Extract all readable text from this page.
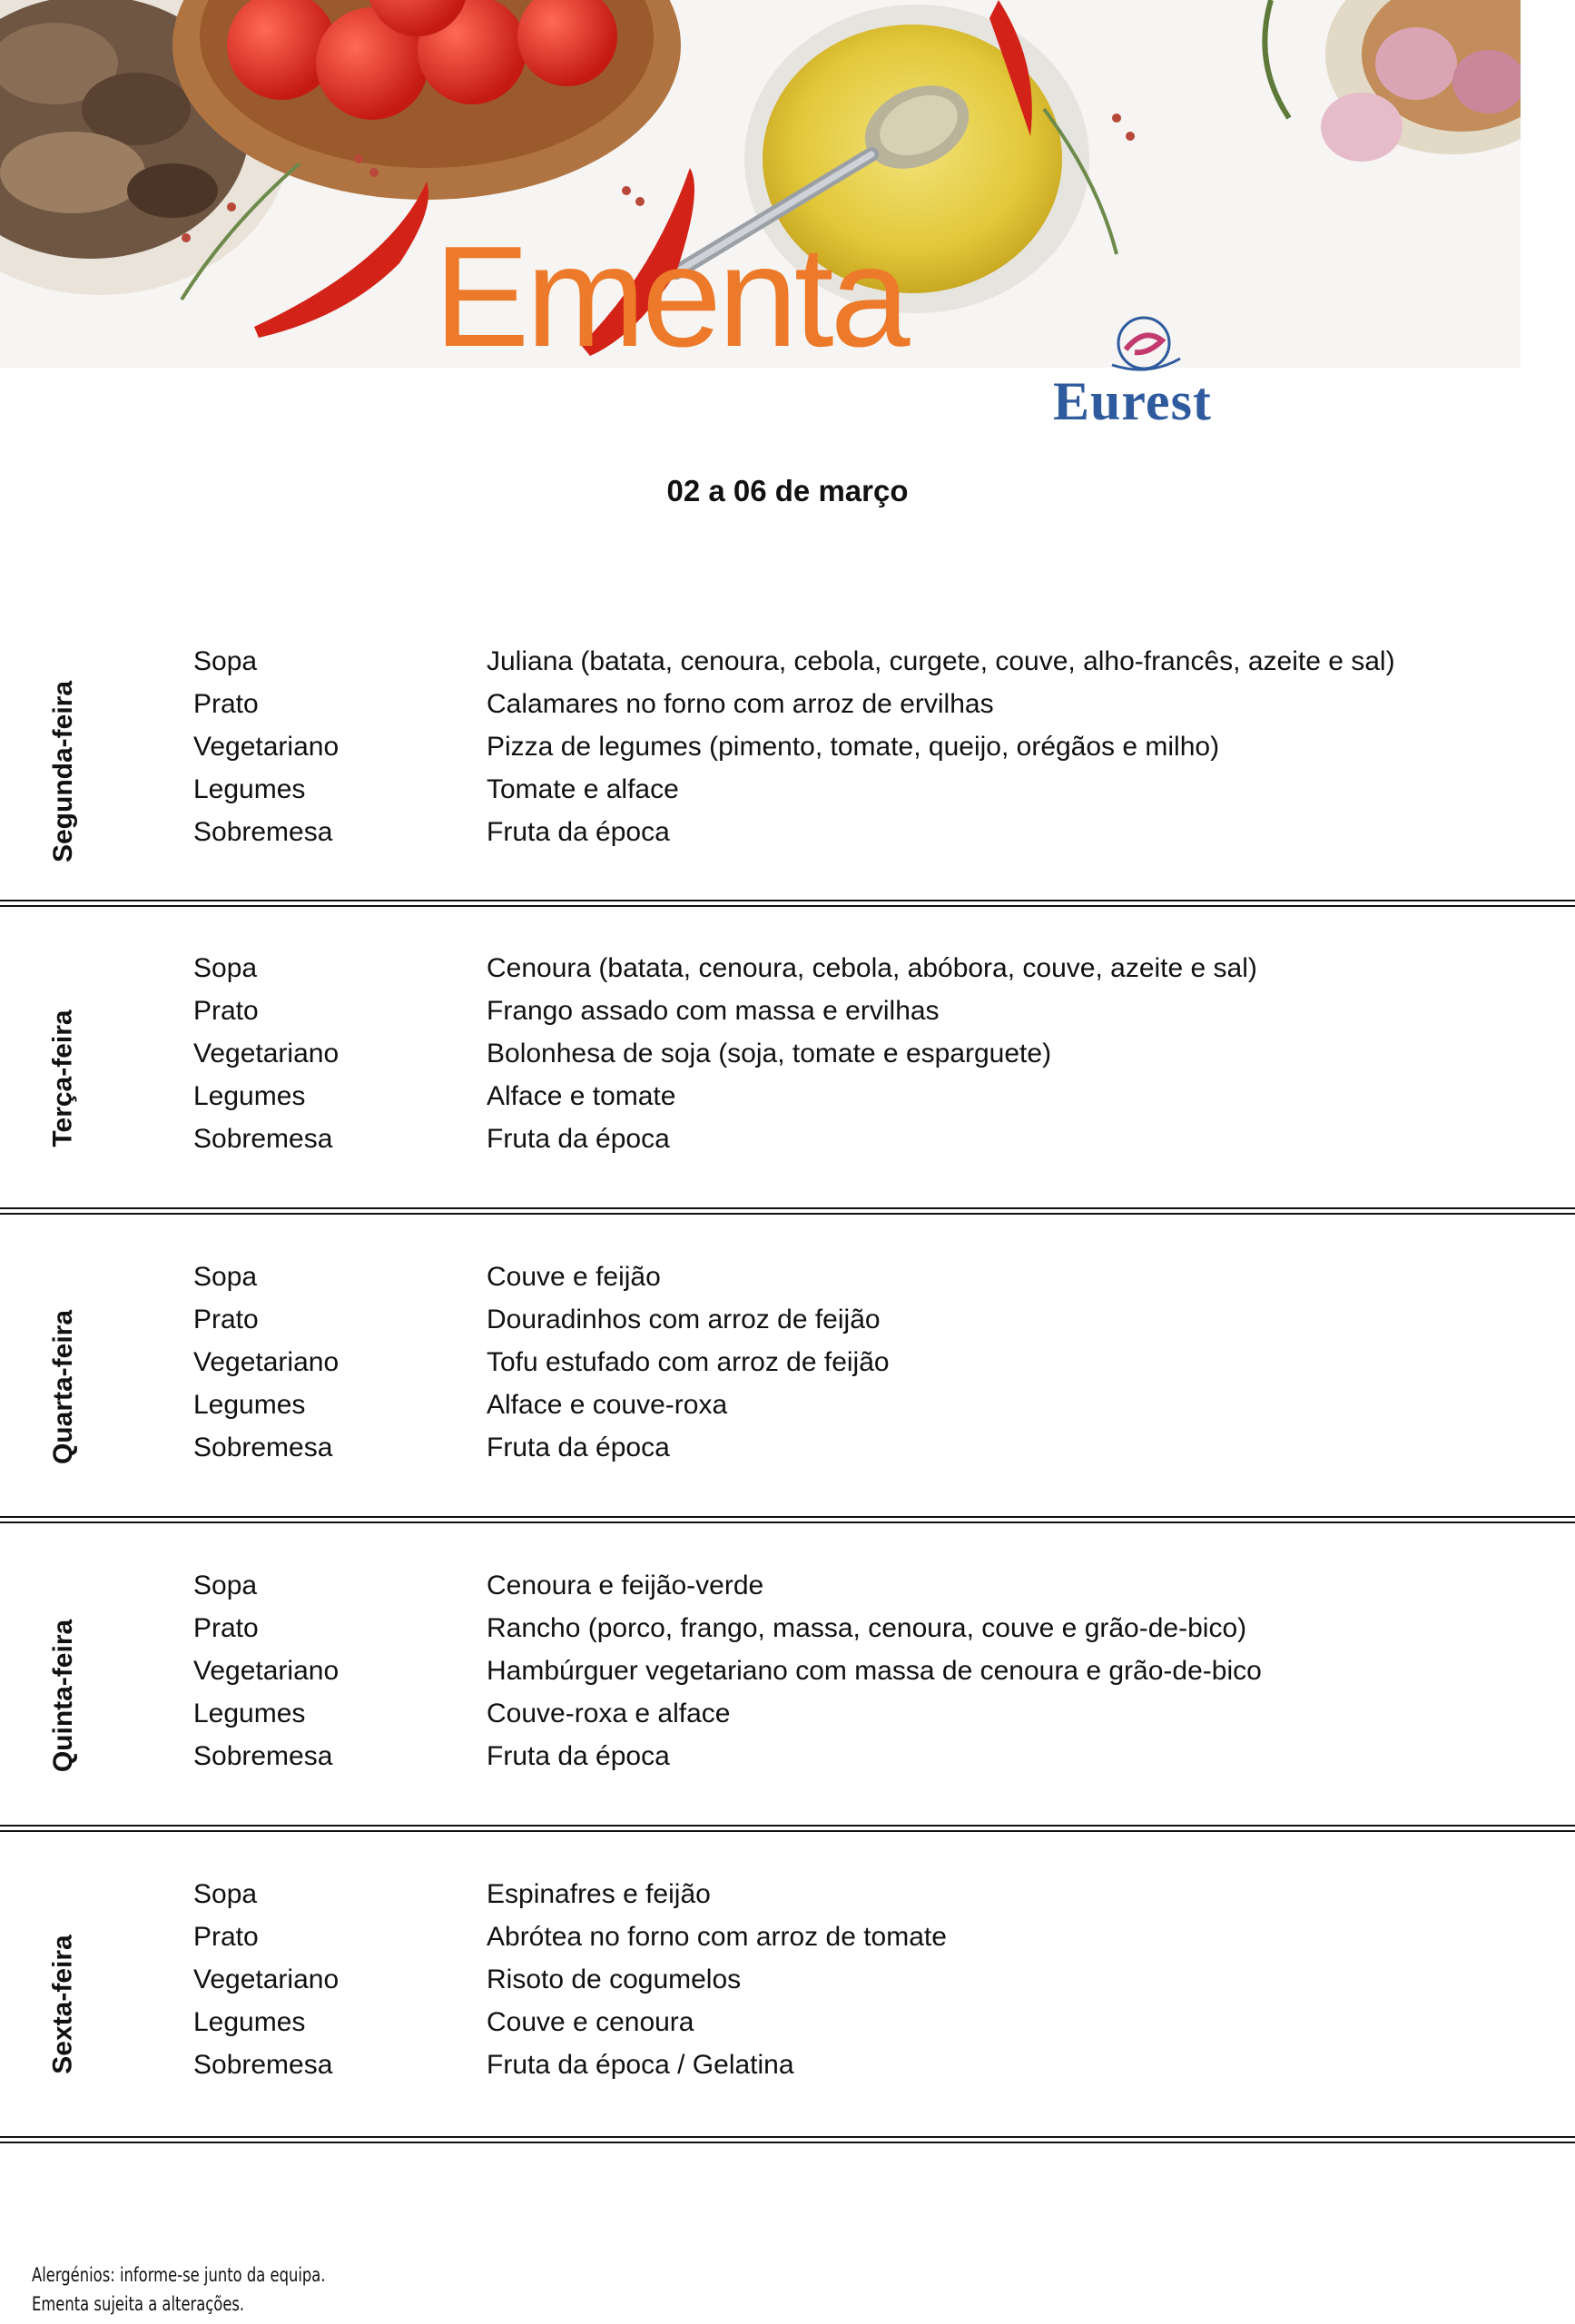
Ementa
Eurest
02 a 06 de março
Segunda-feira
Sopa	Juliana (batata, cenoura, cebola, curgete, couve, alho-francês, azeite e sal)
Prato	Calamares no forno com arroz de ervilhas
Vegetariano	Pizza de legumes (pimento, tomate, queijo, orégãos e milho)
Legumes	Tomate e alface
Sobremesa	Fruta da época
Terça-feira
Sopa	Cenoura (batata, cenoura, cebola, abóbora, couve, azeite e sal)
Prato	Frango assado com massa e ervilhas
Vegetariano	Bolonhesa de soja (soja, tomate e esparguete)
Legumes	Alface e tomate
Sobremesa	Fruta da época
Quarta-feira
Sopa	Couve e feijão
Prato	Douradinhos com arroz de feijão
Vegetariano	Tofu estufado com arroz de feijão
Legumes	Alface e couve-roxa
Sobremesa	Fruta da época
Quinta-feira
Sopa	Cenoura e feijão-verde
Prato	Rancho (porco, frango, massa, cenoura, couve e grão-de-bico)
Vegetariano	Hambúrguer vegetariano com massa de cenoura e grão-de-bico
Legumes	Couve-roxa e alface
Sobremesa	Fruta da época
Sexta-feira
Sopa	Espinafres e feijão
Prato	Abrótea no forno com arroz de tomate
Vegetariano	Risoto de cogumelos
Legumes	Couve e cenoura
Sobremesa	Fruta da época / Gelatina
Alergénios: informe-se junto da equipa.
Ementa sujeita a alterações.
